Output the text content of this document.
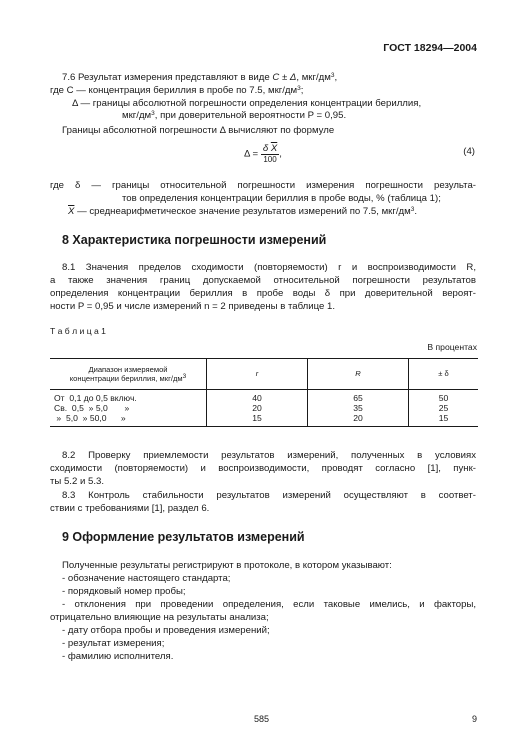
ГОСТ 18294—2004
7.6 Результат измерения представляют в виде C ± Δ, мкг/$дм^3$,
где C — концентрация бериллия в пробе по 7.5, мкг/$дм^3$;
Δ — границы абсолютной погрешности определения концентрации бериллия,
мкг/$дм^3$, при доверительной вероятности P = 0,95.
Границы абсолютной погрешности Δ вычисляют по формуле
$\Delta = \frac{\delta \overline{X}}{100}$ ,	(4)
где δ — границы относительной погрешности измерения погрешности результа-
тов определения концентрации бериллия в пробе воды, % (таблица 1);
$\overline{X}$ — среднеарифметическое значение результатов измерений по 7.5, мкг/$дм^3$.
8 Характеристика погрешности измерений
8.1 Значения пределов сходимости (повторяемости) r и воспроизводимости R,
а также значения границ допускаемой относительной погрешности результатов
определения концентрации бериллия в пробе воды δ при доверительной вероят-
ности P = 0,95 и числе измерений n = 2 приведены в таблице 1.
Т а б л и ц а 1
В процентах
Диапазон измеряемой
концентрации бериллия, мкг/$дм^3$	r	R	± δ
От  0,1 до 0,5 включ.	40	65	50
Св.  0,5  » 5,0       »	20	35	25
»  5,0  » 50,0      »	15	20	15
8.2 Проверку приемлемости результатов измерений, полученных в условиях
сходимости (повторяемости) и воспроизводимости, проводят согласно [1], пунк-
ты 5.2 и 5.3.
8.3 Контроль стабильности результатов измерений осуществляют в соответ-
ствии с требованиями [1], раздел 6.
9 Оформление результатов измерений
Полученные результаты регистрируют в протоколе, в котором указывают:
- обозначение настоящего стандарта;
- порядковый номер пробы;
- отклонения при проведении определения, если таковые имелись, и факторы,
отрицательно влияющие на результаты анализа;
- дату отбора пробы и проведения измерений;
- результат измерения;
- фамилию исполнителя.
585	9
